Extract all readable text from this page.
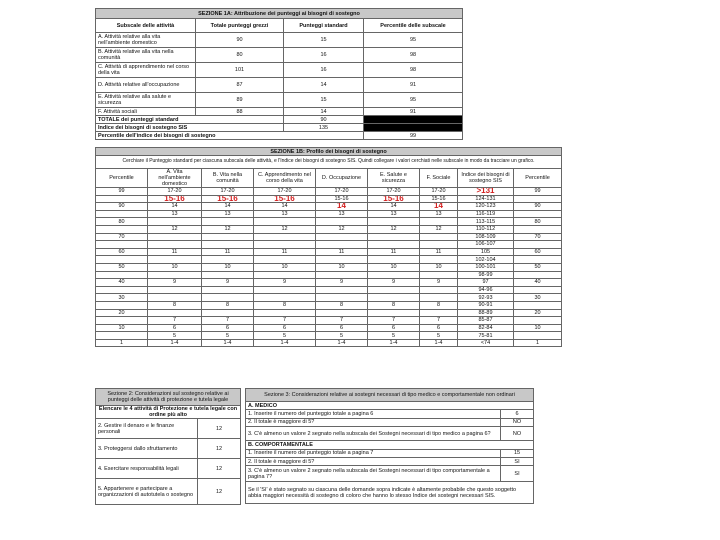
SEZIONE 1A: Attribuzione dei punteggi ai bisogni di sostegno			
Subscale delle attività	Totale punteggi grezzi	Punteggi standard	Percentile delle subscale
A. Attività relative alla vita nell'ambiente domestico	90	15	95
B. Attività relative alla vita nella comunità	80	16	98
C. Attività di apprendimento nel corso della vita	101	16	98
D. Attività relative all'occupazione	87	14	91
E. Attività relative alla salute e sicurezza	89	15	95
F. Attività sociali	88	14	91
TOTALE dei punteggi standard		90	
Indice dei bisogni di sostegno SIS		135	
Percentile dell'indice dei bisogni di sostegno			99
SEZIONE 1B: Profilo dei bisogni di sostegno								
Cerchiare il Punteggio standard per ciascuna subscala delle attività, e l'Indice dei bisogni di sostegno SIS. Quindi collegare i valori cerchiati nelle subscale in modo da tracciare un grafico.								
Percentile	A. Vita nell'ambiente domestico	B. Vita nella comunità	C. Apprendimento nel corso della vita	D. Occupazione	E. Salute e sicurezza	F. Sociale	Indice dei bisogni di sostegno SIS	Percentile
99	17-20	17-20	17-20	17-20	17-20	17-20	>131	99
	15-16	15-16	15-16	15-16	15-16	15-16	124-131	
90	14	14	14	14	14	14	120-123	90
	13	13	13	13	13	13	116-119	
80							113-115	80
	12	12	12	12	12	12	110-112	
70							108-109	70
							106-107	
60	11	11	11	11	11	11	105	60
							102-104	
50	10	10	10	10	10	10	100-101	50
							98-99	
40	9	9	9	9	9	9	97	40
							94-96	
30							92-93	30
	8	8	8	8	8	8	90-91	
20							88-89	20
	7	7	7	7	7	7	85-87	
10	6	6	6	6	6	6	82-84	10
	5	5	5	5	5	5	75-81	
1	1-4	1-4	1-4	1-4	1-4	1-4	<74	1
Sezione 2: Considerazioni sul sostegno relative ai punteggi delle attività di protezione e tutela legale	
Elencare le 4 attività di Protezione e tutela legale con ordine più alto	
2. Gestire il denaro e le finanze personali	12
3. Proteggersi dallo sfruttamento	12
4. Esercitare responsabilità legali	12
5. Appartenere e partecipare a organizzazioni di autotutela o sostegno	12
Sezione 3: Considerazioni relative ai sostegni necessari di tipo medico e comportamentale non ordinari	
A. MEDICO	
1. Inserire il numero del punteggio totale a pagina 6	6
2. Il totale è maggiore di 5?	NO
3. C'è almeno un valore 2 segnato nella subscala dei Sostegni necessari di tipo medico a pagina 6?	NO
B. COMPORTAMENTALE	
1. Inserire il numero del punteggio totale a pagina 7	15
2. Il totale è maggiore di 5?	SI
3. C'è almeno un valore 2 segnato nella subscala dei Sostegni necessari di tipo comportamentale a pagina 7?	SI
Se il 'Sì' è stato segnato su ciascuna delle domande sopra indicate è altamente probabile che questo soggetto abbia maggiori necessità di sostegno di coloro che hanno lo stesso Indice dei sostegni necessari SIS.	
